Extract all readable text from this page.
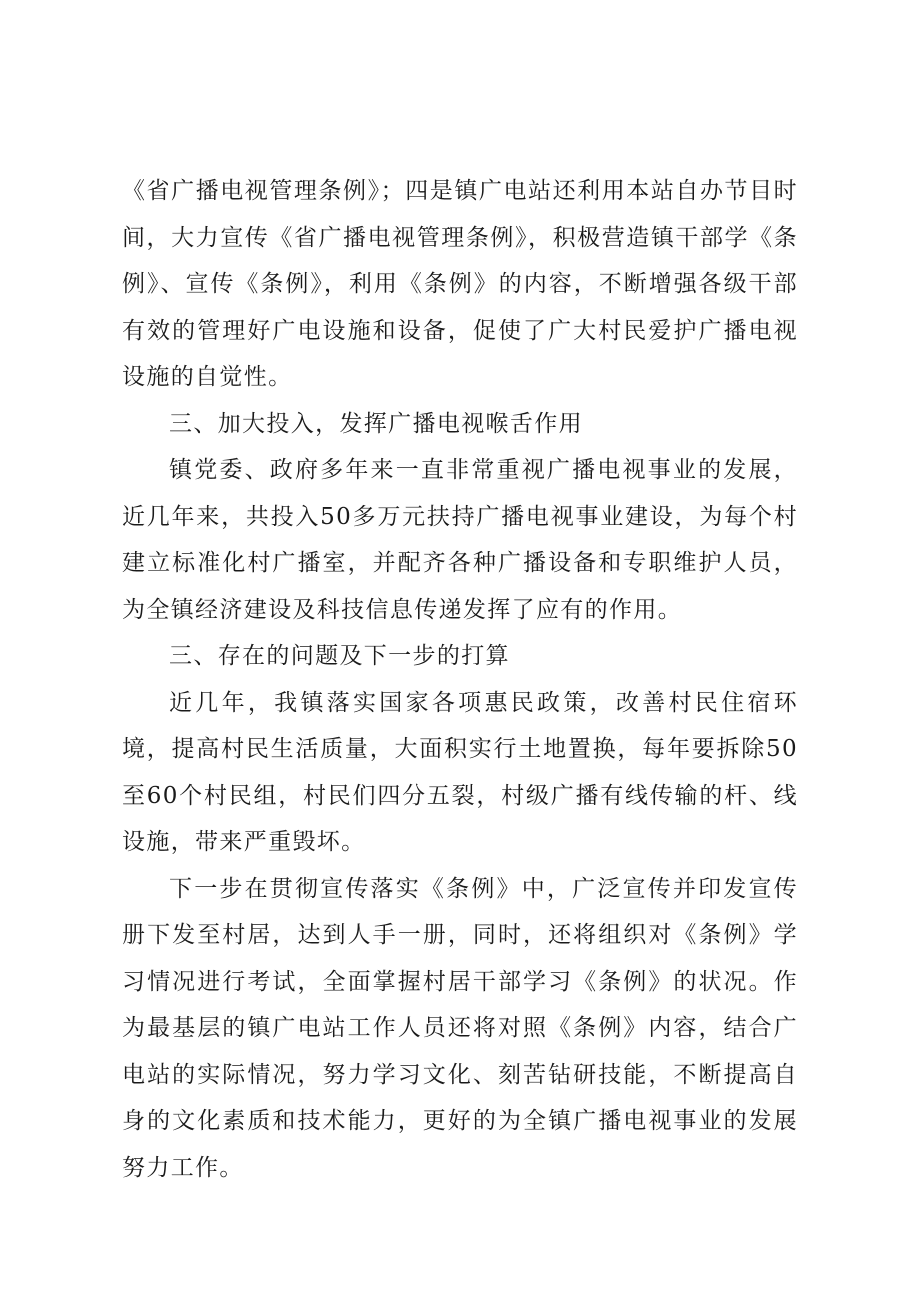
《省广播电视管理条例》；四是镇广电站还利用本站自办节目时间，大力宣传《省广播电视管理条例》，积极营造镇干部学《条例》、宣传《条例》，利用《条例》的内容，不断增强各级干部有效的管理好广电设施和设备，促使了广大村民爱护广播电视设施的自觉性。

三、加大投入，发挥广播电视喉舌作用

镇党委、政府多年来一直非常重视广播电视事业的发展，近几年来，共投入50多万元扶持广播电视事业建设，为每个村建立标准化村广播室，并配齐各种广播设备和专职维护人员，为全镇经济建设及科技信息传递发挥了应有的作用。

三、存在的问题及下一步的打算

近几年，我镇落实国家各项惠民政策，改善村民住宿环境，提高村民生活质量，大面积实行土地置换，每年要拆除50至60个村民组，村民们四分五裂，村级广播有线传输的杆、线设施，带来严重毁坏。

下一步在贯彻宣传落实《条例》中，广泛宣传并印发宣传册下发至村居，达到人手一册，同时，还将组织对《条例》学习情况进行考试，全面掌握村居干部学习《条例》的状况。作为最基层的镇广电站工作人员还将对照《条例》内容，结合广电站的实际情况，努力学习文化、刻苦钻研技能，不断提高自身的文化素质和技术能力，更好的为全镇广播电视事业的发展努力工作。
